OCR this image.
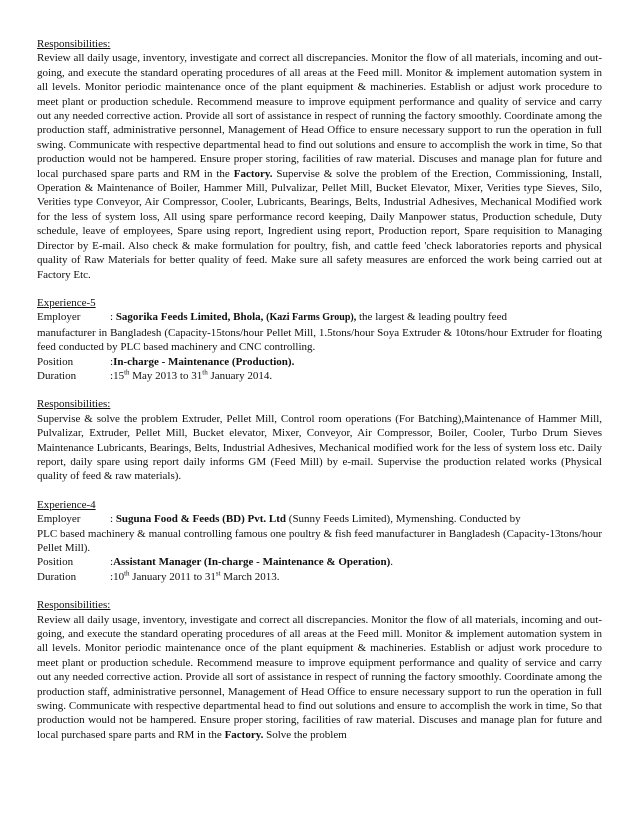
Responsibilities:
Review all daily usage, inventory, investigate and correct all discrepancies. Monitor the flow of all materials, incoming and out-going, and execute the standard operating procedures of all areas at the Feed mill. Monitor & implement automation system in all levels. Monitor periodic maintenance once of the plant equipment & machineries. Establish or adjust work procedure to meet plant or production schedule. Recommend measure to improve equipment performance and quality of service and carry out any needed corrective action. Provide all sort of assistance in respect of running the factory smoothly. Coordinate among the production staff, administrative personnel, Management of Head Office to ensure necessary support to run the operation in full swing. Communicate with respective departmental head to find out solutions and ensure to accomplish the work in time, So that production would not be hampered. Ensure proper storing, facilities of raw material. Discuses and manage plan for future and local purchased spare parts and RM in the Factory. Supervise & solve the problem of the Erection, Commissioning, Install, Operation & Maintenance of Boiler, Hammer Mill, Pulvalizar, Pellet Mill, Bucket Elevator, Mixer, Verities type Sieves, Silo, Verities type Conveyor, Air Compressor, Cooler, Lubricants, Bearings, Belts, Industrial Adhesives, Mechanical Modified work for the less of system loss, All using spare performance record keeping, Daily Manpower status, Production schedule, Duty schedule, leave of employees, Spare using report, Ingredient using report, Production report, Spare requisition to Managing Director by E-mail. Also check & make formulation for poultry, fish, and cattle feed 'check laboratories reports and physical quality of Raw Materials for better quality of feed. Make sure all safety measures are enforced the work being carried out at Factory Etc.
Experience-5
Employer	: Sagorika Feeds Limited, Bhola, (Kazi Farms Group), the largest & leading poultry feed
manufacturer in Bangladesh (Capacity-15tons/hour Pellet Mill, 1.5tons/hour Soya Extruder & 10tons/hour Extruder for floating feed conducted by PLC based machinery and CNC controlling.
Position	:In-charge - Maintenance (Production).
Duration	:15th May 2013 to 31th January 2014.
Responsibilities:
Supervise & solve the problem Extruder, Pellet Mill, Control room operations (For Batching),Maintenance of Hammer Mill, Pulvalizar, Extruder, Pellet Mill, Bucket elevator, Mixer, Conveyor, Air Compressor, Boiler, Cooler, Turbo Drum Sieves Maintenance Lubricants, Bearings, Belts, Industrial Adhesives, Mechanical modified work for the less of system loss etc. Daily report, daily spare using report daily informs GM (Feed Mill) by e-mail. Supervise the production related works (Physical quality of feed & raw materials).
Experience-4
Employer	: Suguna Food & Feeds (BD) Pvt. Ltd (Sunny Feeds Limited), Mymenshing. Conducted by
PLC based machinery & manual controlling famous one poultry & fish feed manufacturer in Bangladesh (Capacity-13tons/hour Pellet Mill).
Position	:Assistant Manager (In-charge - Maintenance & Operation).
Duration	:10th January 2011 to 31st March 2013.
Responsibilities:
Review all daily usage, inventory, investigate and correct all discrepancies. Monitor the flow of all materials, incoming and out-going, and execute the standard operating procedures of all areas at the Feed mill. Monitor & implement automation system in all levels. Monitor periodic maintenance once of the plant equipment & machineries. Establish or adjust work procedure to meet plant or production schedule. Recommend measure to improve equipment performance and quality of service and carry out any needed corrective action. Provide all sort of assistance in respect of running the factory smoothly. Coordinate among the production staff, administrative personnel, Management of Head Office to ensure necessary support to run the operation in full swing. Communicate with respective departmental head to find out solutions and ensure to accomplish the work in time, So that production would not be hampered. Ensure proper storing, facilities of raw material. Discuses and manage plan for future and local purchased spare parts and RM in the Factory. Solve the problem
